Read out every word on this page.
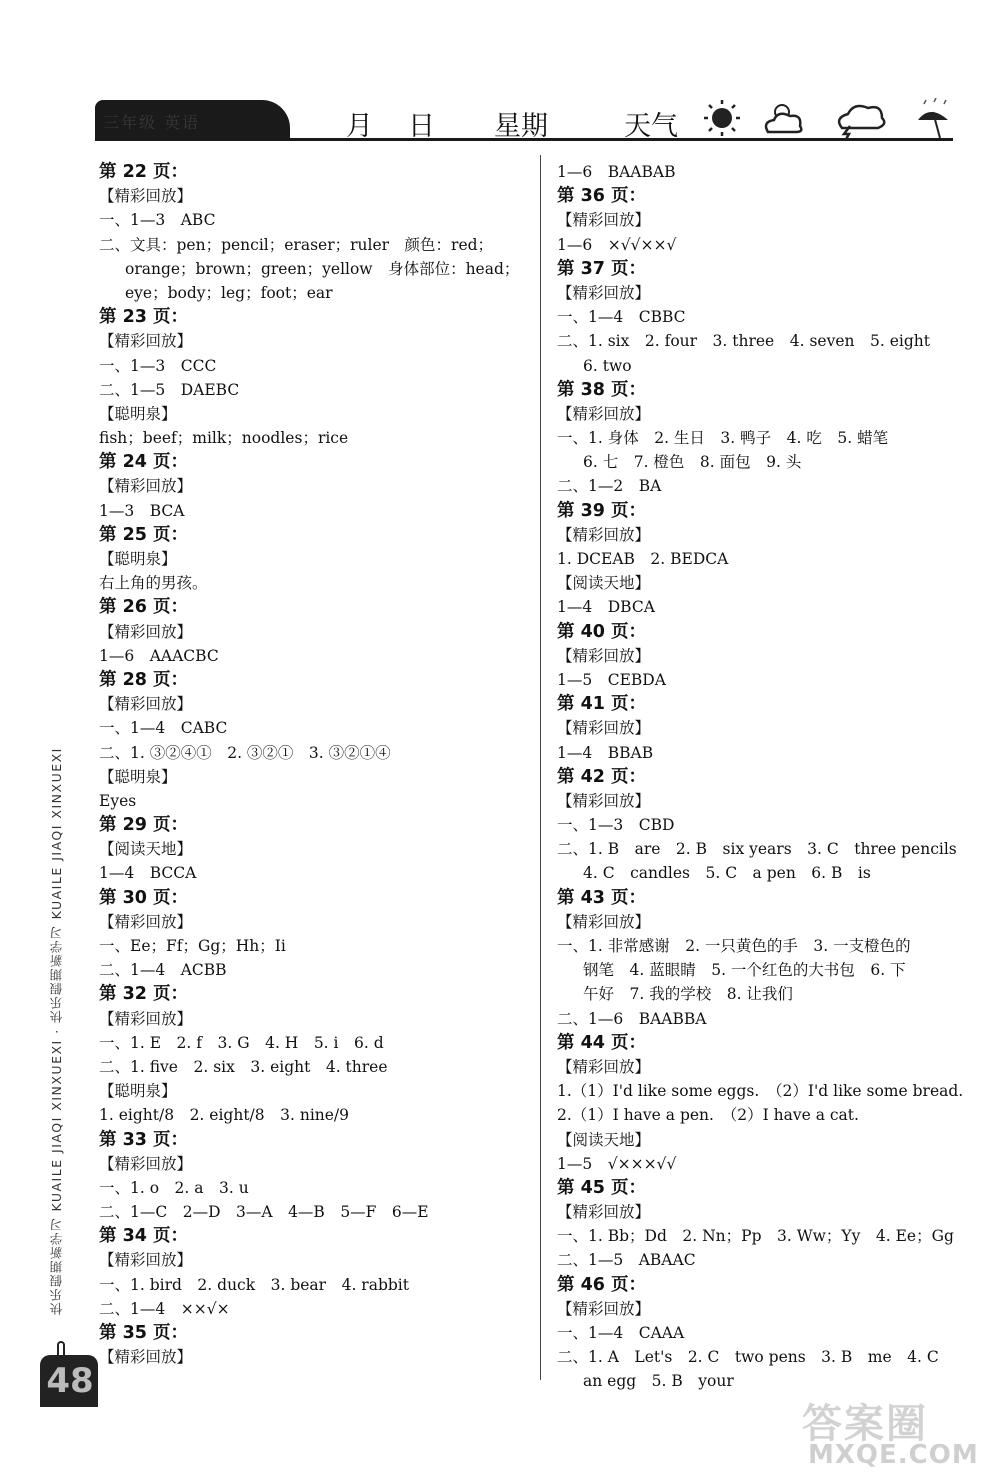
三年级 英语	月 日 星期	天气
快乐假期新学习 KUAILE JIAQI XINXUEXI · 快乐假期新学习 KUAILE JIAQI XINXUEXI
第 22 页：
【精彩回放】
一、1—3　ABC
二、文具：pen；pencil；eraser；ruler　颜色：red；
orange；brown；green；yellow　身体部位：head；
eye；body；leg；foot；ear
第 23 页：
【精彩回放】
一、1—3　CCC
二、1—5　DAEBC
【聪明泉】
fish；beef；milk；noodles；rice
第 24 页：
【精彩回放】
1—3　BCA
第 25 页：
【聪明泉】
右上角的男孩。
第 26 页：
【精彩回放】
1—6　AAACBC
第 28 页：
【精彩回放】
一、1—4　CABC
二、1. ③②④①　2. ③②①　3. ③②①④
【聪明泉】
Eyes
第 29 页：
【阅读天地】
1—4　BCCA
第 30 页：
【精彩回放】
一、Ee；Ff；Gg；Hh；Ii
二、1—4　ACBB
第 32 页：
【精彩回放】
一、1. E　2. f　3. G　4. H　5. i　6. d
二、1. five　2. six　3. eight　4. three
【聪明泉】
1. eight/8　2. eight/8　3. nine/9
第 33 页：
【精彩回放】
一、1. o　2. a　3. u
二、1—C　2—D　3—A　4—B　5—F　6—E
第 34 页：
【精彩回放】
一、1. bird　2. duck　3. bear　4. rabbit
二、1—4　××√×
第 35 页：
【精彩回放】
1—6　BAABAB
第 36 页：
【精彩回放】
1—6　×√√××√
第 37 页：
【精彩回放】
一、1—4　CBBC
二、1. six　2. four　3. three　4. seven　5. eight
6. two
第 38 页：
【精彩回放】
一、1. 身体　2. 生日　3. 鸭子　4. 吃　5. 蜡笔
6. 七　7. 橙色　8. 面包　9. 头
二、1—2　BA
第 39 页：
【精彩回放】
1. DCEAB　2. BEDCA
【阅读天地】
1—4　DBCA
第 40 页：
【精彩回放】
1—5　CEBDA
第 41 页：
【精彩回放】
1—4　BBAB
第 42 页：
【精彩回放】
一、1—3　CBD
二、1. B　are　2. B　six years　3. C　three pencils
4. C　candles　5. C　a pen　6. B　is
第 43 页：
【精彩回放】
一、1. 非常感谢　2. 一只黄色的手　3. 一支橙色的
钢笔　4. 蓝眼睛　5. 一个红色的大书包　6. 下
午好　7. 我的学校　8. 让我们
二、1—6　BAABBA
第 44 页：
【精彩回放】
1.（1）I'd like some eggs.　（2）I'd like some bread.
2.（1）I have a pen.　（2）I have a cat.
【阅读天地】
1—5　√×××√√
第 45 页：
【精彩回放】
一、1. Bb；Dd　2. Nn；Pp　3. Ww；Yy　4. Ee；Gg
二、1—5　ABAAC
第 46 页：
【精彩回放】
一、1—4　CAAA
二、1. A　Let's　2. C　two pens　3. B　me　4. C
an egg　5. B　your
48
答案圈
MXQE.COM
